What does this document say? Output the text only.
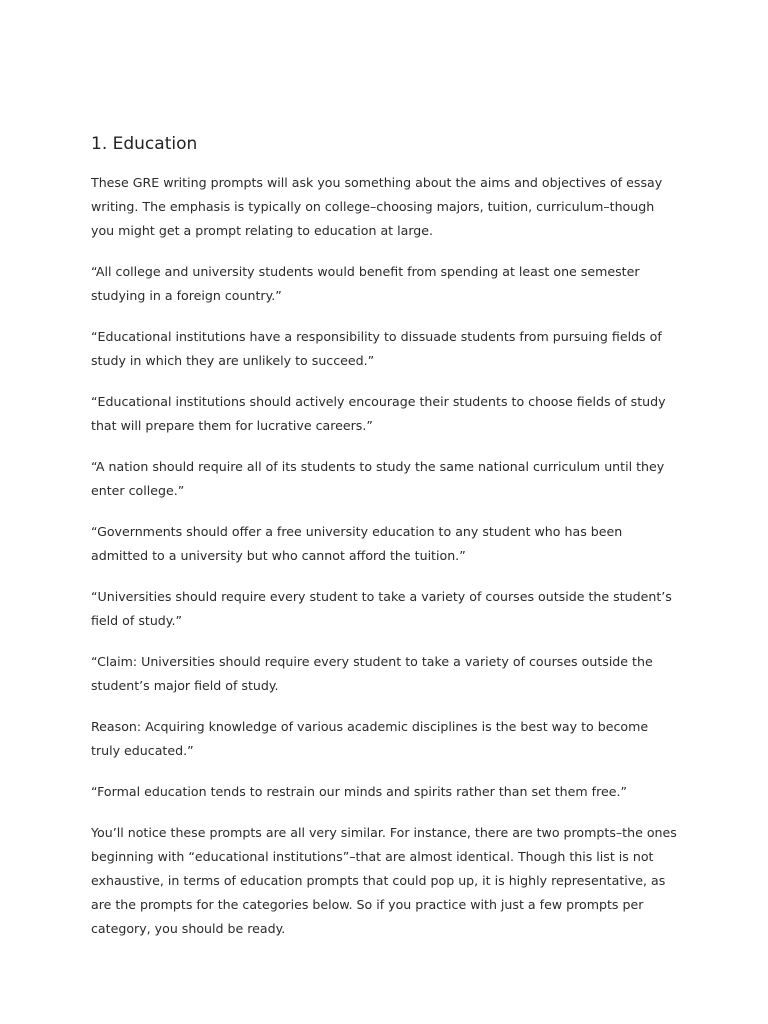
1. Education

These GRE writing prompts will ask you something about the aims and objectives of essay writing. The emphasis is typically on college–choosing majors, tuition, curriculum–though you might get a prompt relating to education at large.

“All college and university students would benefit from spending at least one semester studying in a foreign country.”

“Educational institutions have a responsibility to dissuade students from pursuing fields of study in which they are unlikely to succeed.”

“Educational institutions should actively encourage their students to choose fields of study that will prepare them for lucrative careers.”

“A nation should require all of its students to study the same national curriculum until they enter college.”

“Governments should offer a free university education to any student who has been admitted to a university but who cannot afford the tuition.”

“Universities should require every student to take a variety of courses outside the student’s field of study.”

“Claim: Universities should require every student to take a variety of courses outside the student’s major field of study.

Reason: Acquiring knowledge of various academic disciplines is the best way to become truly educated.”

“Formal education tends to restrain our minds and spirits rather than set them free.”

You’ll notice these prompts are all very similar. For instance, there are two prompts–the ones beginning with “educational institutions”–that are almost identical. Though this list is not exhaustive, in terms of education prompts that could pop up, it is highly representative, as are the prompts for the categories below. So if you practice with just a few prompts per category, you should be ready.
